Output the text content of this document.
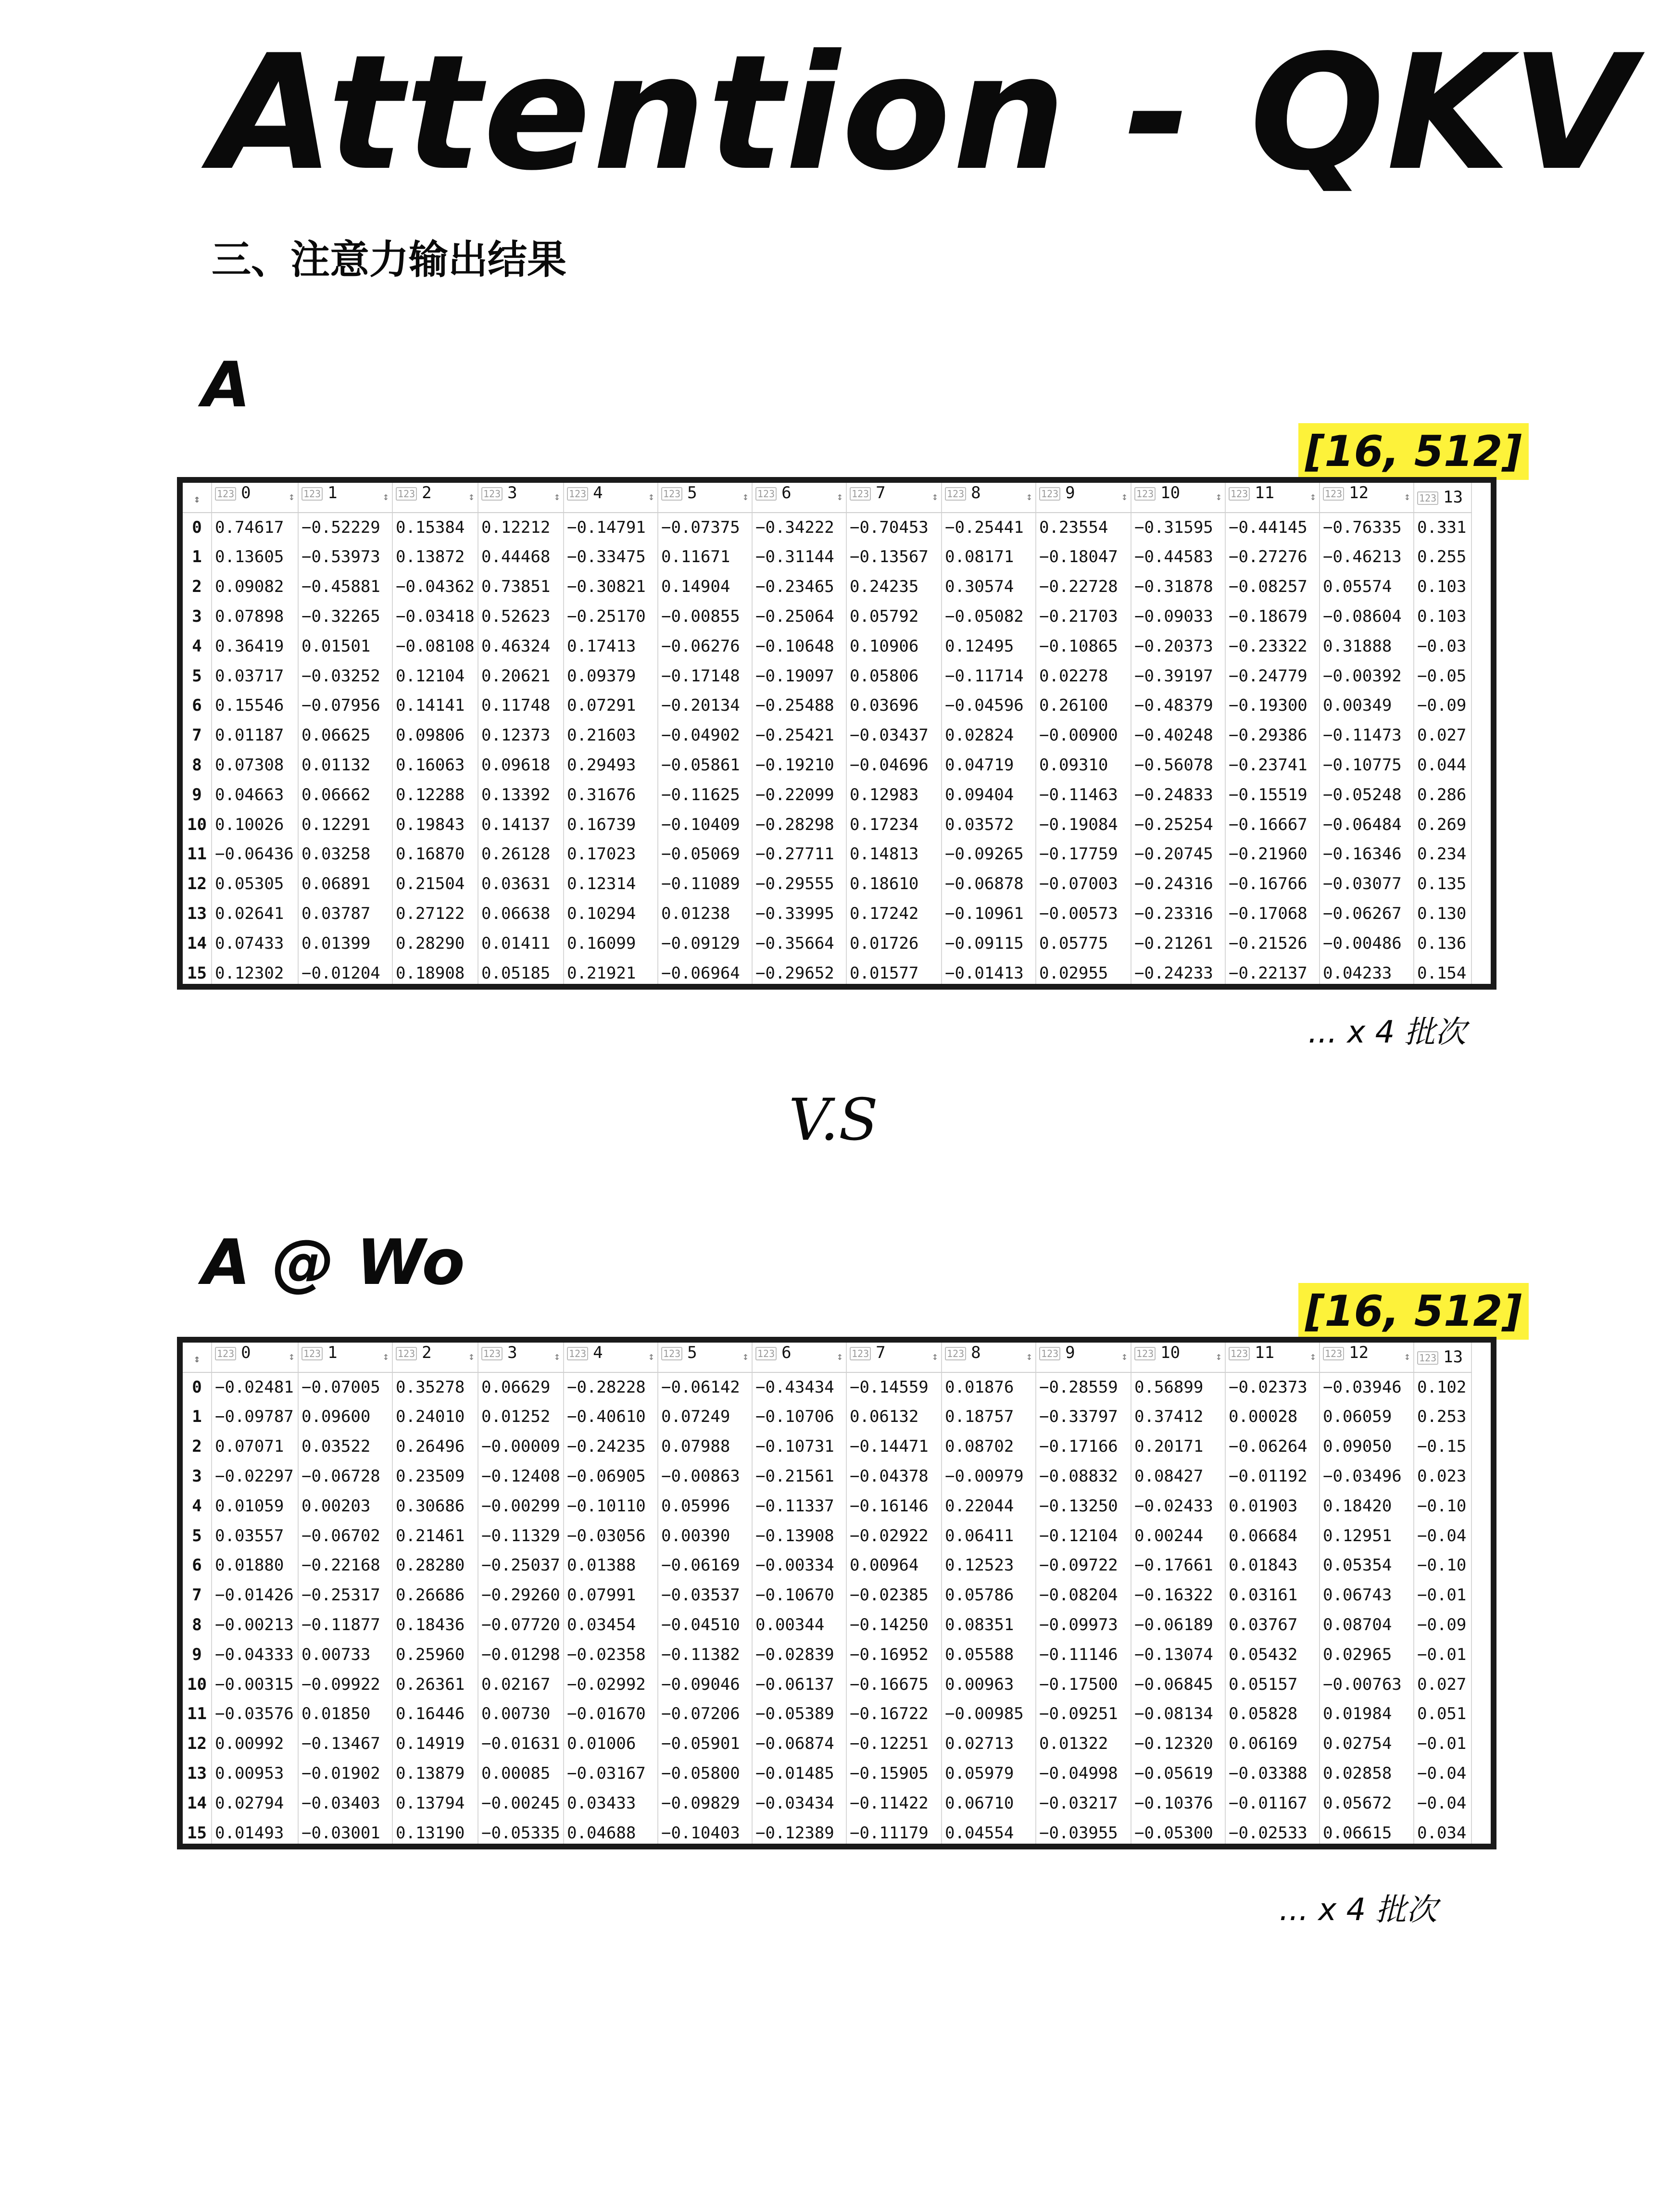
Attention - QKV
三、注意力输出结果
A
[16, 512]
↕	123 0 ↕	123 1 ↕	123 2 ↕	123 3 ↕	123 4 ↕	123 5 ↕	123 6 ↕	123 7 ↕	123 8 ↕	123 9 ↕	123 10 ↕	123 11 ↕	123 12 ↕	123 13
0	0.74617	−0.52229	0.15384	0.12212	−0.14791	−0.07375	−0.34222	−0.70453	−0.25441	0.23554	−0.31595	−0.44145	−0.76335	0.331
1	0.13605	−0.53973	0.13872	0.44468	−0.33475	0.11671	−0.31144	−0.13567	0.08171	−0.18047	−0.44583	−0.27276	−0.46213	0.255
2	0.09082	−0.45881	−0.04362	0.73851	−0.30821	0.14904	−0.23465	0.24235	0.30574	−0.22728	−0.31878	−0.08257	0.05574	0.103
3	0.07898	−0.32265	−0.03418	0.52623	−0.25170	−0.00855	−0.25064	0.05792	−0.05082	−0.21703	−0.09033	−0.18679	−0.08604	0.103
4	0.36419	0.01501	−0.08108	0.46324	0.17413	−0.06276	−0.10648	0.10906	0.12495	−0.10865	−0.20373	−0.23322	0.31888	−0.03
5	0.03717	−0.03252	0.12104	0.20621	0.09379	−0.17148	−0.19097	0.05806	−0.11714	0.02278	−0.39197	−0.24779	−0.00392	−0.05
6	0.15546	−0.07956	0.14141	0.11748	0.07291	−0.20134	−0.25488	0.03696	−0.04596	0.26100	−0.48379	−0.19300	0.00349	−0.09
7	0.01187	0.06625	0.09806	0.12373	0.21603	−0.04902	−0.25421	−0.03437	0.02824	−0.00900	−0.40248	−0.29386	−0.11473	0.027
8	0.07308	0.01132	0.16063	0.09618	0.29493	−0.05861	−0.19210	−0.04696	0.04719	0.09310	−0.56078	−0.23741	−0.10775	0.044
9	0.04663	0.06662	0.12288	0.13392	0.31676	−0.11625	−0.22099	0.12983	0.09404	−0.11463	−0.24833	−0.15519	−0.05248	0.286
10	0.10026	0.12291	0.19843	0.14137	0.16739	−0.10409	−0.28298	0.17234	0.03572	−0.19084	−0.25254	−0.16667	−0.06484	0.269
11	−0.06436	0.03258	0.16870	0.26128	0.17023	−0.05069	−0.27711	0.14813	−0.09265	−0.17759	−0.20745	−0.21960	−0.16346	0.234
12	0.05305	0.06891	0.21504	0.03631	0.12314	−0.11089	−0.29555	0.18610	−0.06878	−0.07003	−0.24316	−0.16766	−0.03077	0.135
13	0.02641	0.03787	0.27122	0.06638	0.10294	0.01238	−0.33995	0.17242	−0.10961	−0.00573	−0.23316	−0.17068	−0.06267	0.130
14	0.07433	0.01399	0.28290	0.01411	0.16099	−0.09129	−0.35664	0.01726	−0.09115	0.05775	−0.21261	−0.21526	−0.00486	0.136
15	0.12302	−0.01204	0.18908	0.05185	0.21921	−0.06964	−0.29652	0.01577	−0.01413	0.02955	−0.24233	−0.22137	0.04233	0.154
... x 4 批次
V.S
A @ Wo
[16, 512]
↕	123 0 ↕	123 1 ↕	123 2 ↕	123 3 ↕	123 4 ↕	123 5 ↕	123 6 ↕	123 7 ↕	123 8 ↕	123 9 ↕	123 10 ↕	123 11 ↕	123 12 ↕	123 13
0	−0.02481	−0.07005	0.35278	0.06629	−0.28228	−0.06142	−0.43434	−0.14559	0.01876	−0.28559	0.56899	−0.02373	−0.03946	0.102
1	−0.09787	0.09600	0.24010	0.01252	−0.40610	0.07249	−0.10706	0.06132	0.18757	−0.33797	0.37412	0.00028	0.06059	0.253
2	0.07071	0.03522	0.26496	−0.00009	−0.24235	0.07988	−0.10731	−0.14471	0.08702	−0.17166	0.20171	−0.06264	0.09050	−0.15
3	−0.02297	−0.06728	0.23509	−0.12408	−0.06905	−0.00863	−0.21561	−0.04378	−0.00979	−0.08832	0.08427	−0.01192	−0.03496	0.023
4	0.01059	0.00203	0.30686	−0.00299	−0.10110	0.05996	−0.11337	−0.16146	0.22044	−0.13250	−0.02433	0.01903	0.18420	−0.10
5	0.03557	−0.06702	0.21461	−0.11329	−0.03056	0.00390	−0.13908	−0.02922	0.06411	−0.12104	0.00244	0.06684	0.12951	−0.04
6	0.01880	−0.22168	0.28280	−0.25037	0.01388	−0.06169	−0.00334	0.00964	0.12523	−0.09722	−0.17661	0.01843	0.05354	−0.10
7	−0.01426	−0.25317	0.26686	−0.29260	0.07991	−0.03537	−0.10670	−0.02385	0.05786	−0.08204	−0.16322	0.03161	0.06743	−0.01
8	−0.00213	−0.11877	0.18436	−0.07720	0.03454	−0.04510	0.00344	−0.14250	0.08351	−0.09973	−0.06189	0.03767	0.08704	−0.09
9	−0.04333	0.00733	0.25960	−0.01298	−0.02358	−0.11382	−0.02839	−0.16952	0.05588	−0.11146	−0.13074	0.05432	0.02965	−0.01
10	−0.00315	−0.09922	0.26361	0.02167	−0.02992	−0.09046	−0.06137	−0.16675	0.00963	−0.17500	−0.06845	0.05157	−0.00763	0.027
11	−0.03576	0.01850	0.16446	0.00730	−0.01670	−0.07206	−0.05389	−0.16722	−0.00985	−0.09251	−0.08134	0.05828	0.01984	0.051
12	0.00992	−0.13467	0.14919	−0.01631	0.01006	−0.05901	−0.06874	−0.12251	0.02713	0.01322	−0.12320	0.06169	0.02754	−0.01
13	0.00953	−0.01902	0.13879	0.00085	−0.03167	−0.05800	−0.01485	−0.15905	0.05979	−0.04998	−0.05619	−0.03388	0.02858	−0.04
14	0.02794	−0.03403	0.13794	−0.00245	0.03433	−0.09829	−0.03434	−0.11422	0.06710	−0.03217	−0.10376	−0.01167	0.05672	−0.04
15	0.01493	−0.03001	0.13190	−0.05335	0.04688	−0.10403	−0.12389	−0.11179	0.04554	−0.03955	−0.05300	−0.02533	0.06615	0.034
... x 4 批次
